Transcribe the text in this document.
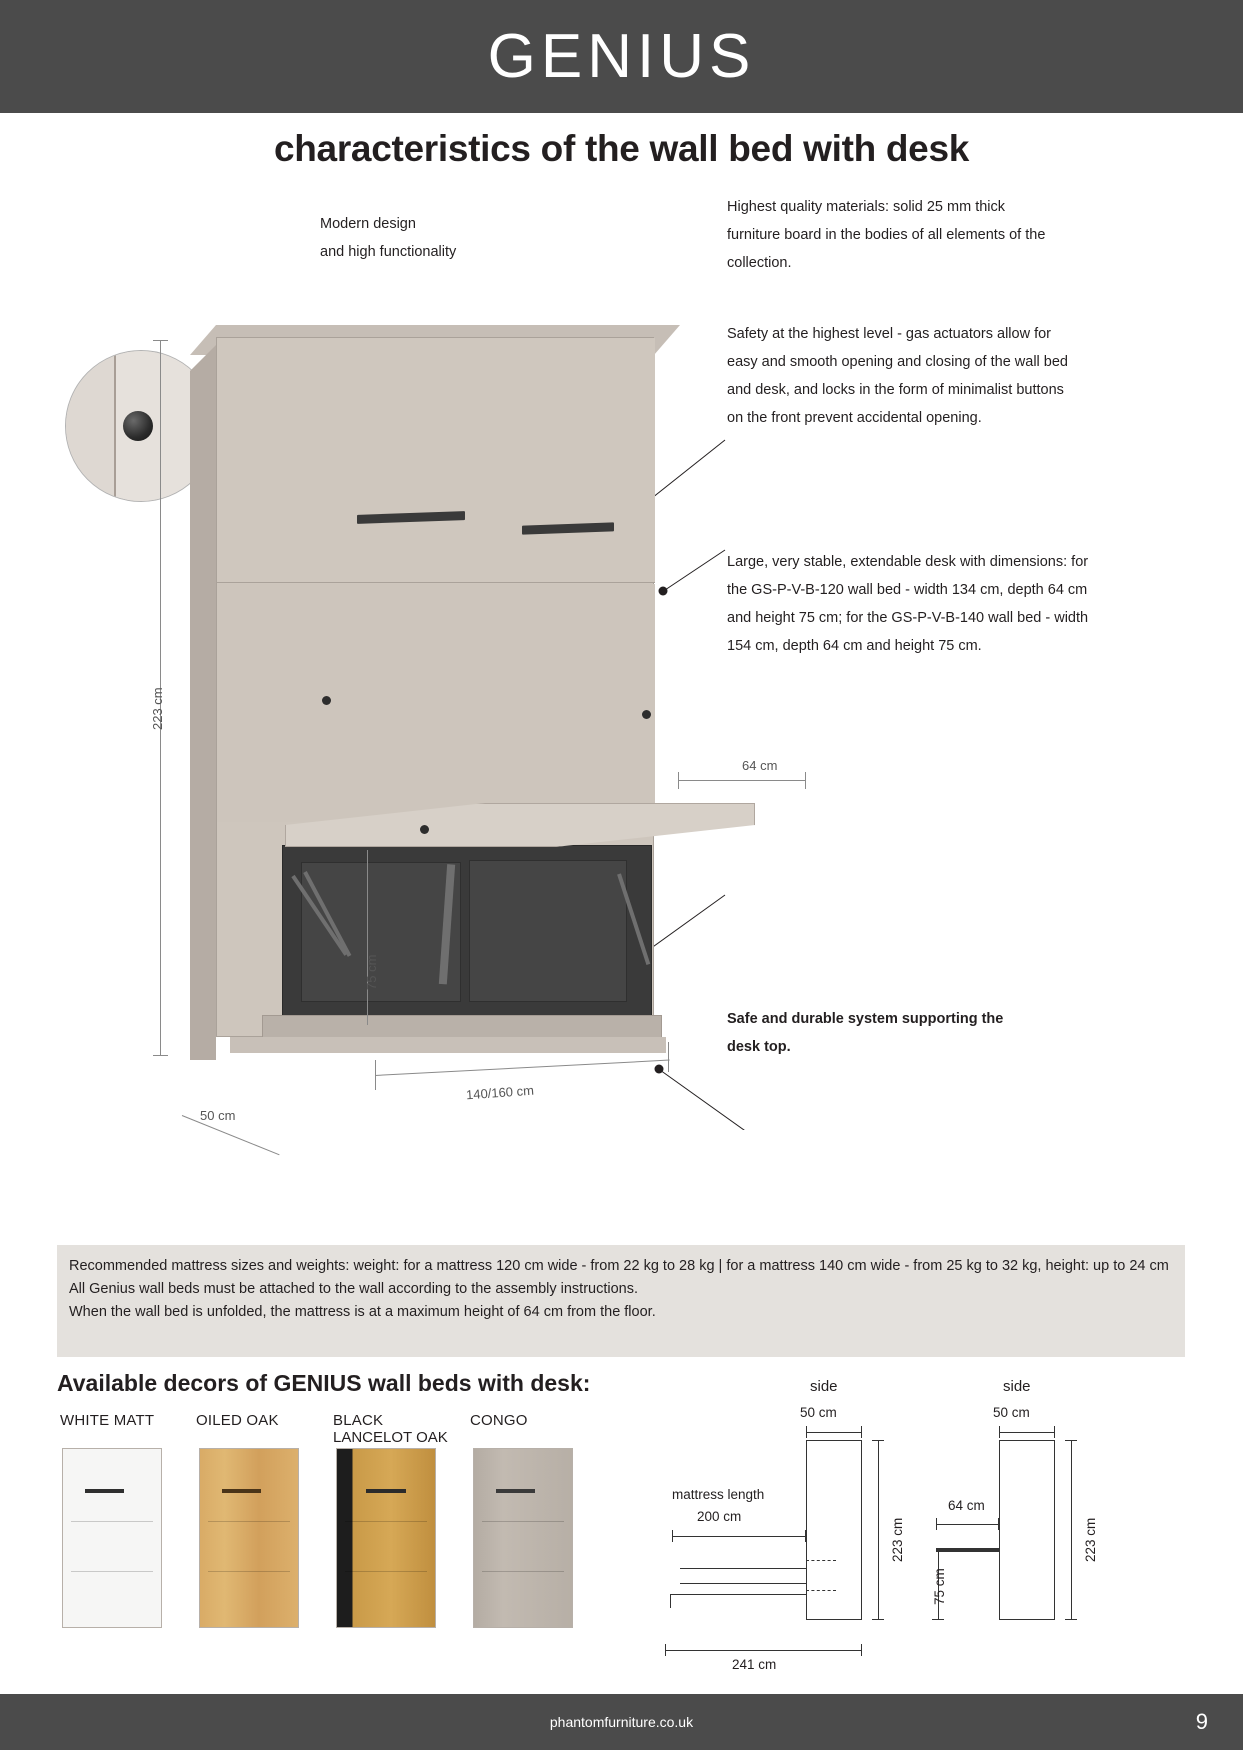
GENIUS
characteristics of the wall bed with desk
223 cm
50 cm
140/160 cm
64 cm
75 cm
Modern design
and high functionality
Highest quality materials: solid 25 mm thick furniture board in the bodies of all elements of the collection.
Safety at the highest level - gas actuators allow for easy and smooth opening and closing of the wall bed and desk, and locks in the form of minimalist buttons on the front prevent accidental opening.
Large, very stable, extendable desk with dimensions: for the GS-P-V-B-120 wall bed - width 134 cm, depth 64 cm and height 75 cm; for the GS-P-V-B-140 wall bed - width 154 cm, depth 64 cm and height 75 cm.
Safe and durable system supporting the desk top.
Recommended mattress sizes and weights: weight: for a mattress 120 cm wide - from 22 kg to 28 kg | for a mattress 140 cm wide - from 25 kg to 32 kg, height: up to 24 cm
All Genius wall beds must be attached to the wall according to the assembly instructions.
When the wall bed is unfolded, the mattress is at a maximum height of 64 cm from the floor.
Available decors of GENIUS wall beds with desk:
WHITE MATT	OILED OAK	BLACK
LANCELOT OAK
CONGO
side
50 cm
223 cm
mattress length
200 cm
241 cm
side
50 cm
223 cm
64 cm
75 cm
phantomfurniture.co.uk	9
